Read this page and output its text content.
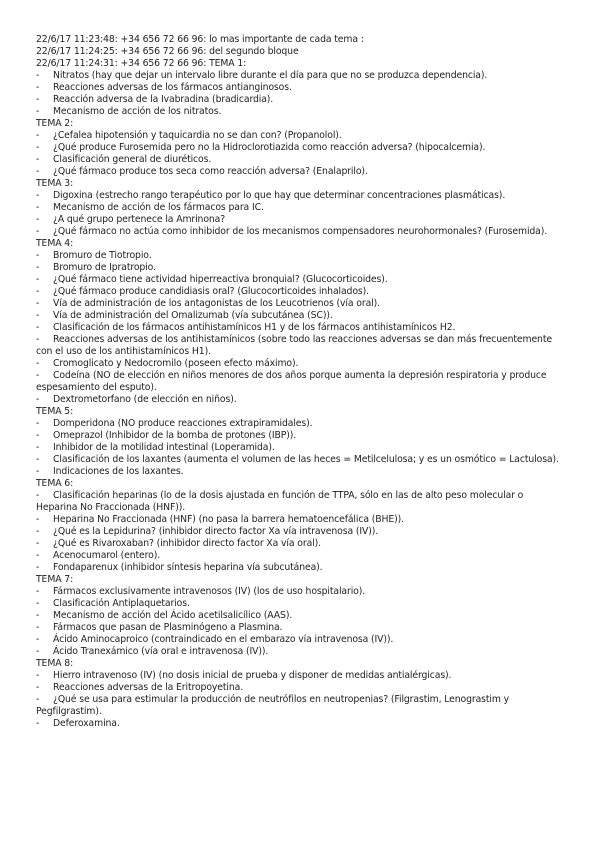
22/6/17 11:23:48: +34 656 72 66 96: lo mas importante de cada tema :
22/6/17 11:24:25: +34 656 72 66 96: del segundo bloque
22/6/17 11:24:31: +34 656 72 66 96: TEMA 1:
- Nitratos (hay que dejar un intervalo libre durante el día para que no se produzca dependencia).
- Reacciones adversas de los fármacos antianginosos.
- Reacción adversa de la Ivabradina (bradicardia).
- Mecanismo de acción de los nitratos.
TEMA 2:
- ¿Cefalea hipotensión y taquicardia no se dan con? (Propanolol).
- ¿Qué produce Furosemida pero no la Hidroclorotiazida como reacción adversa? (hipocalcemia).
- Clasificación general de diuréticos.
- ¿Qué fármaco produce tos seca como reacción adversa? (Enalaprilo).
TEMA 3:
- Digoxina (estrecho rango terapéutico por lo que hay que determinar concentraciones plasmáticas).
- Mecanismo de acción de los fármacos para IC.
- ¿A qué grupo pertenece la Amrinona?
- ¿Qué fármaco no actúa como inhibidor de los mecanismos compensadores neurohormonales? (Furosemida).
TEMA 4:
- Bromuro de Tiotropio.
- Bromuro de Ipratropio.
- ¿Qué fármaco tiene actividad hiperreactiva bronquial? (Glucocorticoides).
- ¿Qué fármaco produce candidiasis oral? (Glucocorticoides inhalados).
- Vía de administración de los antagonistas de los Leucotrienos (vía oral).
- Vía de administración del Omalizumab (vía subcutánea (SC)).
- Clasificación de los fármacos antihistamínicos H1 y de los fármacos antihistamínicos H2.
- Reacciones adversas de los antihistamínicos (sobre todo las reacciones adversas se dan más frecuentemente con el uso de los antihistamínicos H1).
- Cromoglicato y Nedocromilo (poseen efecto máximo).
- Codeína (NO de elección en niños menores de dos años porque aumenta la depresión respiratoria y produce espesamiento del esputo).
- Dextrometorfano (de elección en niños).
TEMA 5:
- Domperidona (NO produce reacciones extrapiramidales).
- Omeprazol (Inhibidor de la bomba de protones (IBP)).
- Inhibidor de la motilidad intestinal (Loperamida).
- Clasificación de los laxantes (aumenta el volumen de las heces = Metilcelulosa; y es un osmótico = Lactulosa).
- Indicaciones de los laxantes.
TEMA 6:
- Clasificación heparinas (lo de la dosis ajustada en función de TTPA, sólo en las de alto peso molecular o Heparina No Fraccionada (HNF)).
- Heparina No Fraccionada (HNF) (no pasa la barrera hematoencefálica (BHE)).
- ¿Qué es la Lepidurina? (inhibidor directo factor Xa vía intravenosa (IV)).
- ¿Qué es Rivaroxaban? (inhibidor directo factor Xa vía oral).
- Acenocumarol (entero).
- Fondaparenux (inhibidor síntesis heparina vía subcutánea).
TEMA 7:
- Fármacos exclusivamente intravenosos (IV) (los de uso hospitalario).
- Clasificación Antiplaquetarios.
- Mecanismo de acción del Ácido acetilsalicílico (AAS).
- Fármacos que pasan de Plasminógeno a Plasmina.
- Ácido Aminocaproico (contraindicado en el embarazo vía intravenosa (IV)).
- Ácido Tranexámico (vía oral e intravenosa (IV)).
TEMA 8:
- Hierro intravenoso (IV) (no dosis inicial de prueba y disponer de medidas antialérgicas).
- Reacciones adversas de la Eritropoyetina.
- ¿Qué se usa para estimular la producción de neutrófilos en neutropenias? (Filgrastim, Lenograstim y Pegfilgrastim).
- Deferoxamina.
